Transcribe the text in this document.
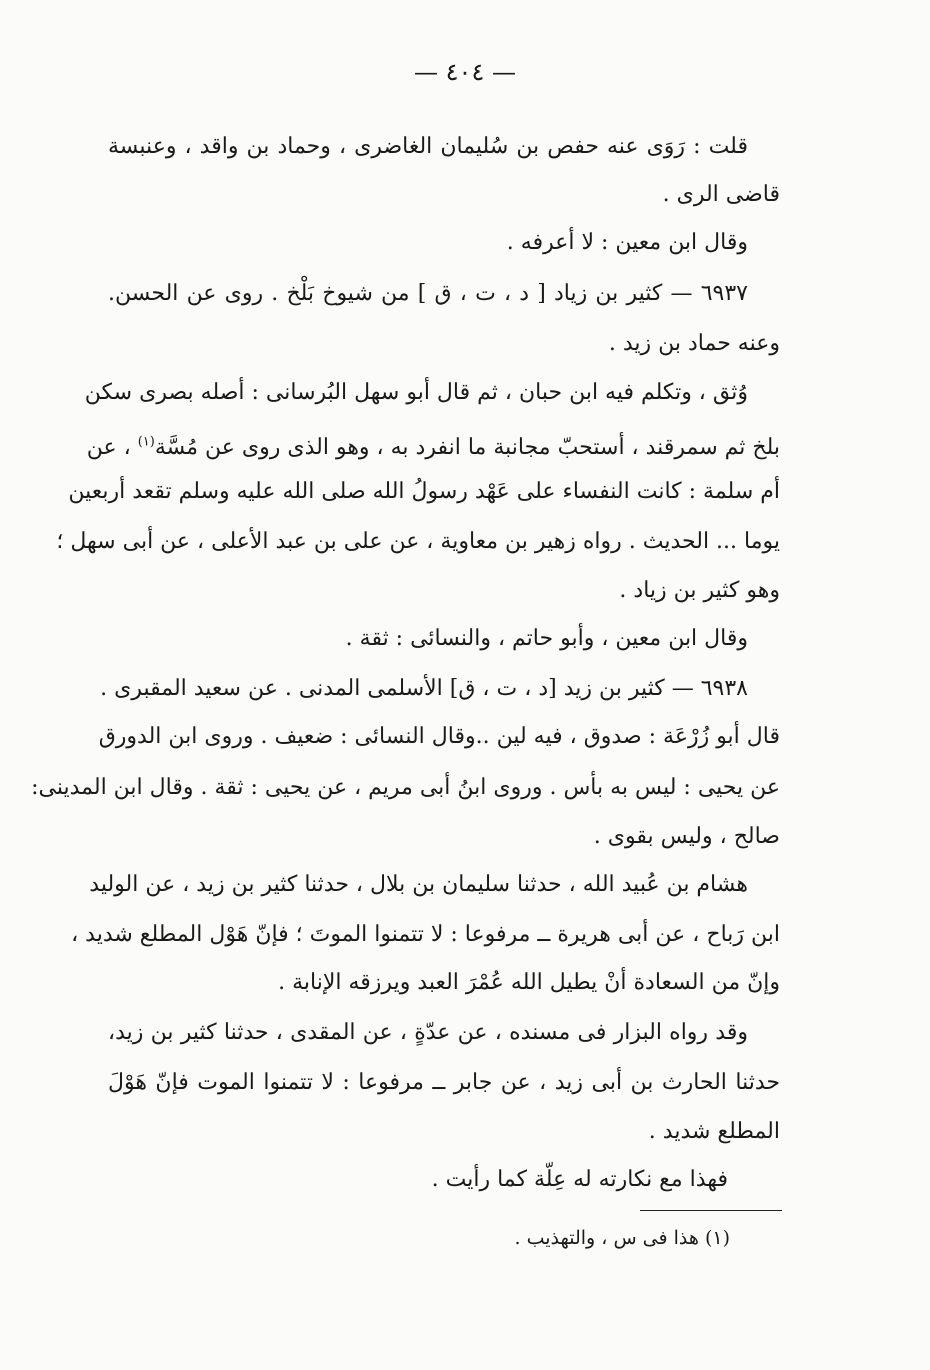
— ٤٠٤ —
قلت : رَوَى عنه حفص بن سُليمان الغاضرى ، وحماد بن واقد ، وعنبسة
قاضى الرى .
وقال ابن معين : لا أعرفه .
٦٩٣٧ — كثير بن زياد [ د ، ت ، ق ] من شيوخ بَلْخ . روى عن الحسن.
وعنه حماد بن زيد .
وُثق ، وتكلم فيه ابن حبان ، ثم قال أبو سهل البُرسانى : أصله بصرى سكن
بلخ ثم سمرقند ، أستحبّ مجانبة ما انفرد به ، وهو الذى روى عن مُسَّة$^{(١)}$ ، عن
أم سلمة : كانت النفساء على عَهْد رسولُ الله صلى الله عليه وسلم تقعد أربعين
يوما ... الحديث . رواه زهير بن معاوية ، عن على بن عبد الأعلى ، عن أبى سهل ؛
وهو كثير بن زياد .
وقال ابن معين ، وأبو حاتم ، والنسائى : ثقة .
٦٩٣٨ — كثير بن زيد [د ، ت ، ق] الأسلمى المدنى . عن سعيد المقبرى .
قال أبو زُرْعَة : صدوق ، فيه لين ..وقال النسائى : ضعيف . وروى ابن الدورق
عن يحيى : ليس به بأس . وروى ابنُ أبى مريم ، عن يحيى : ثقة . وقال ابن المدينى:
صالح ، وليس بقوى .
هشام بن عُبيد الله ، حدثنا سليمان بن بلال ، حدثنا كثير بن زيد ، عن الوليد
ابن رَباح ، عن أبى هريرة ــ مرفوعا : لا تتمنوا الموتَ ؛ فإنّ هَوْل المطلع شديد ،
وإنّ من السعادة أنْ يطيل الله عُمْرَ العبد ويرزقه الإنابة .
وقد رواه البزار فى مسنده ، عن عدّةٍ ، عن المقدى ، حدثنا كثير بن زيد،
حدثنا الحارث بن أبى زيد ، عن جابر ــ مرفوعا : لا تتمنوا الموت فإنّ هَوْلَ
المطلع شديد .
فهذا مع نكارته له عِلّة كما رأيت .
(١) هذا فى س ، والتهذيب .
